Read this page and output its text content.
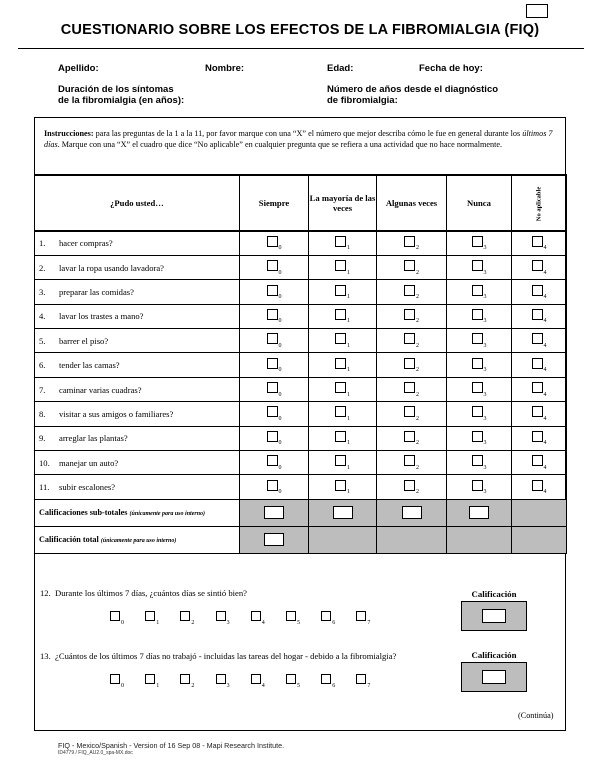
CUESTIONARIO SOBRE LOS EFECTOS DE LA FIBROMIALGIA (FIQ)
Apellido:	Nombre:	Edad:	Fecha de hoy:
Duración de los síntomas
de la fibromialgia (en años):
Número de años desde el diagnóstico
de fibromialgia:
Instrucciones: para las preguntas de la 1 a la 11, por favor marque con una “X” el número que mejor describa cómo le fue en general durante los últimos 7 días. Marque con una “X” el cuadro que dice “No aplicable” en cualquier pregunta que se refiera a una actividad que no hace normalmente.
¿Pudo usted…	Siempre	La mayoría de las veces	Algunas veces	Nunca	No aplicable
1. hacer compras?	$_0$	$_1$	$_2$	$_3$	$_4$
2. lavar la ropa usando lavadora?	$_0$	$_1$	$_2$	$_3$	$_4$
3. preparar las comidas?	$_0$	$_1$	$_2$	$_3$	$_4$
4. lavar los trastes a mano?	$_0$	$_1$	$_2$	$_3$	$_4$
5. barrer el piso?	$_0$	$_1$	$_2$	$_3$	$_4$
6. tender las camas?	$_0$	$_1$	$_2$	$_3$	$_4$
7. caminar varias cuadras?	$_0$	$_1$	$_2$	$_3$	$_4$
8. visitar a sus amigos o familiares?	$_0$	$_1$	$_2$	$_3$	$_4$
9. arreglar las plantas?	$_0$	$_1$	$_2$	$_3$	$_4$
10. manejar un auto?	$_0$	$_1$	$_2$	$_3$	$_4$
11. subir escalones?	$_0$	$_1$	$_2$	$_3$	$_4$
Calificaciones sub-totales (únicamente para uso interno)					
Calificación total (únicamente para uso interno)					
12. Durante los últimos 7 días, ¿cuántos días se sintió bien?	Calificación
0	1	2	3	4	5	6	7
13. ¿Cuántos de los últimos 7 días no trabajó - incluidas las tareas del hogar - debido a la fibromialgia?	Calificación
0	1	2	3	4	5	6	7
(Continúa)
FIQ - Mexico/Spanish - Version of 16 Sep 08 - Mapi Research Institute.
ID4779 / FIQ_AU2.0_spa-MX.doc
